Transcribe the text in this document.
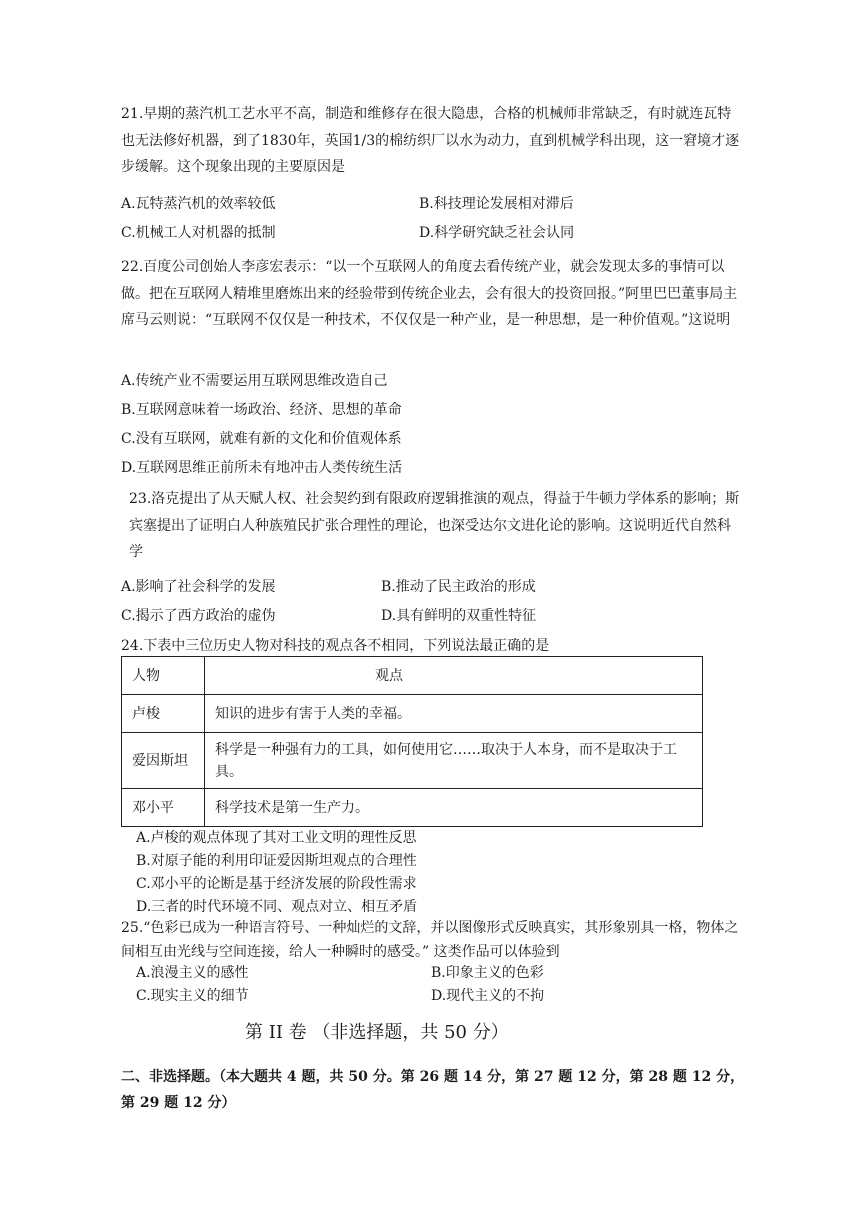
21.早期的蒸汽机工艺水平不高，制造和维修存在很大隐患，合格的机械师非常缺乏，有时就连瓦特也无法修好机器，到了1830年，英国1/3的棉纺织厂以水为动力，直到机械学科出现，这一窘境才逐步缓解。这个现象出现的主要原因是

A.瓦特蒸汽机的效率较低	B.科技理论发展相对滞后
C.机械工人对机器的抵制	D.科学研究缺乏社会认同

22.百度公司创始人李彦宏表示：“以一个互联网人的角度去看传统产业，就会发现太多的事情可以做。把在互联网人精堆里磨炼出来的经验带到传统企业去，会有很大的投资回报。”阿里巴巴董事局主席马云则说：“互联网不仅仅是一种技术，不仅仅是一种产业，是一种思想，是一种价值观。”这说明

A.传统产业不需要运用互联网思维改造自己
B.互联网意味着一场政治、经济、思想的革命
C.没有互联网，就难有新的文化和价值观体系
D.互联网思维正前所未有地冲击人类传统生活

23.洛克提出了从天赋人权、社会契约到有限政府逻辑推演的观点，得益于牛顿力学体系的影响；斯宾塞提出了证明白人种族殖民扩张合理性的理论，也深受达尔文进化论的影响。这说明近代自然科学

A.影响了社会科学的发展	B.推动了民主政治的形成
C.揭示了西方政治的虚伪	D.具有鲜明的双重性特征
24.下表中三位历史人物对科技的观点各不相同，下列说法最正确的是
人物	观点
卢梭	知识的进步有害于人类的幸福。
爱因斯坦	科学是一种强有力的工具，如何使用它……取决于人本身，而不是取决于工具。
邓小平	科学技术是第一生产力。
A.卢梭的观点体现了其对工业文明的理性反思
B.对原子能的利用印证爱因斯坦观点的合理性
C.邓小平的论断是基于经济发展的阶段性需求
D.三者的时代环境不同、观点对立、相互矛盾

25.“色彩已成为一种语言符号、一种灿烂的文辞，并以图像形式反映真实，其形象别具一格，物体之间相互由光线与空间连接，给人一种瞬时的感受。” 这类作品可以体验到

A.浪漫主义的感性	B.印象主义的色彩
C.现实主义的细节	D.现代主义的不拘
第 II 卷 （非选择题，共 50 分）
二、非选择题。（本大题共 4 题，共 50 分。第 26 题 14 分，第 27 题 12 分，第 28 题 12 分，第 29 题 12 分）
